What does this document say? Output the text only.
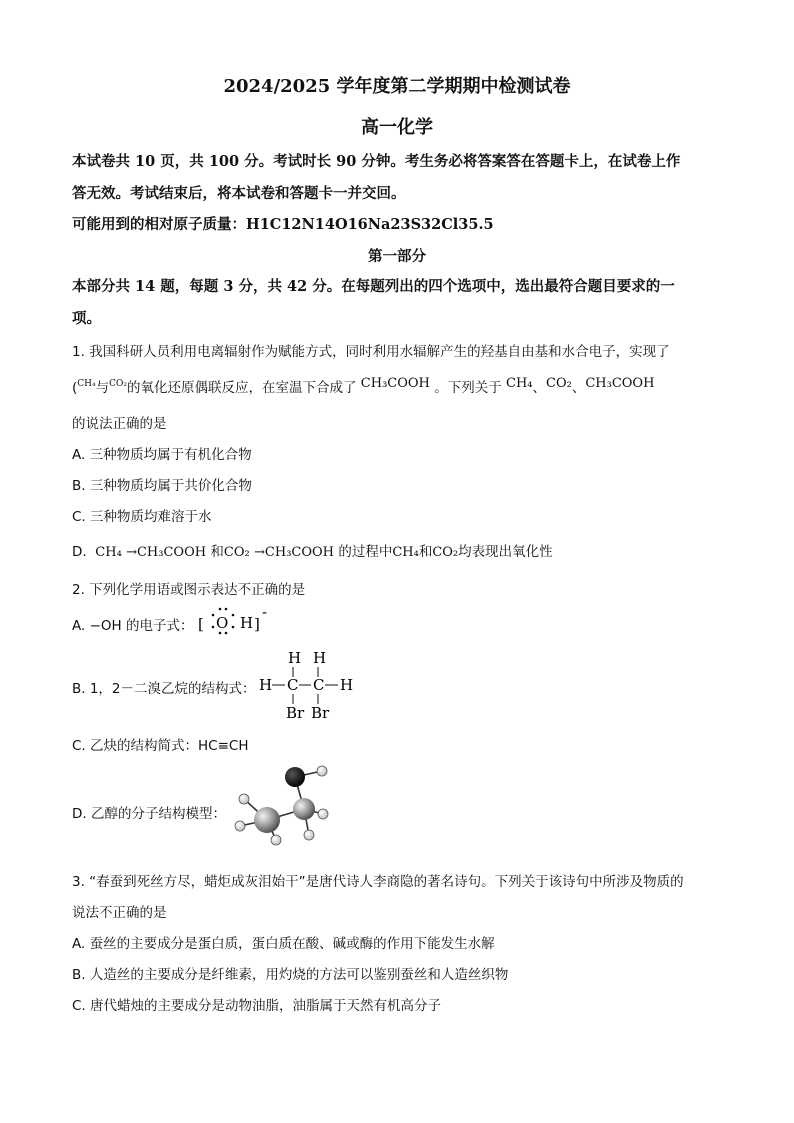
2024/2025 学年度第二学期期中检测试卷
高一化学
本试卷共 10 页，共 100 分。考试时长 90 分钟。考生务必将答案答在答题卡上，在试卷上作
答无效。考试结束后，将本试卷和答题卡一并交回。
可能用到的相对原子质量：H1C12N14O16Na23S32Cl35.5
第一部分
本部分共 14 题，每题 3 分，共 42 分。在每题列出的四个选项中，选出最符合题目要求的一
项。
1. 我国科研人员利用电离辐射作为赋能方式，同时利用水辐解产生的羟基自由基和水合电子，实现了
($^{CH_4}$与$^{CO_2}$的氧化还原偶联反应，在室温下合成了 CH₃COOH 。下列关于 CH₄、CO₂、CH₃COOH
的说法正确的是
A. 三种物质均属于有机化合物
B. 三种物质均属于共价化合物
C. 三种物质均难溶于水
D. CH₄ →CH₃COOH 和CO₂ →CH₃COOH 的过程中CH₄和CO₂均表现出氧化性
2. 下列化学用语或图示表达不正确的是
A. −OH 的电子式： [ O H ]
-
B. 1，2－二溴乙烷的结构式：
H H
H C C H
Br Br
C. 乙炔的结构简式：HC≡CH
D. 乙醇的分子结构模型：
3. “春蚕到死丝方尽，蜡炬成灰泪始干”是唐代诗人李商隐的著名诗句。下列关于该诗句中所涉及物质的
说法不正确的是
A. 蚕丝的主要成分是蛋白质，蛋白质在酸、碱或酶的作用下能发生水解
B. 人造丝的主要成分是纤维素，用灼烧的方法可以鉴别蚕丝和人造丝织物
C. 唐代蜡烛的主要成分是动物油脂，油脂属于天然有机高分子
